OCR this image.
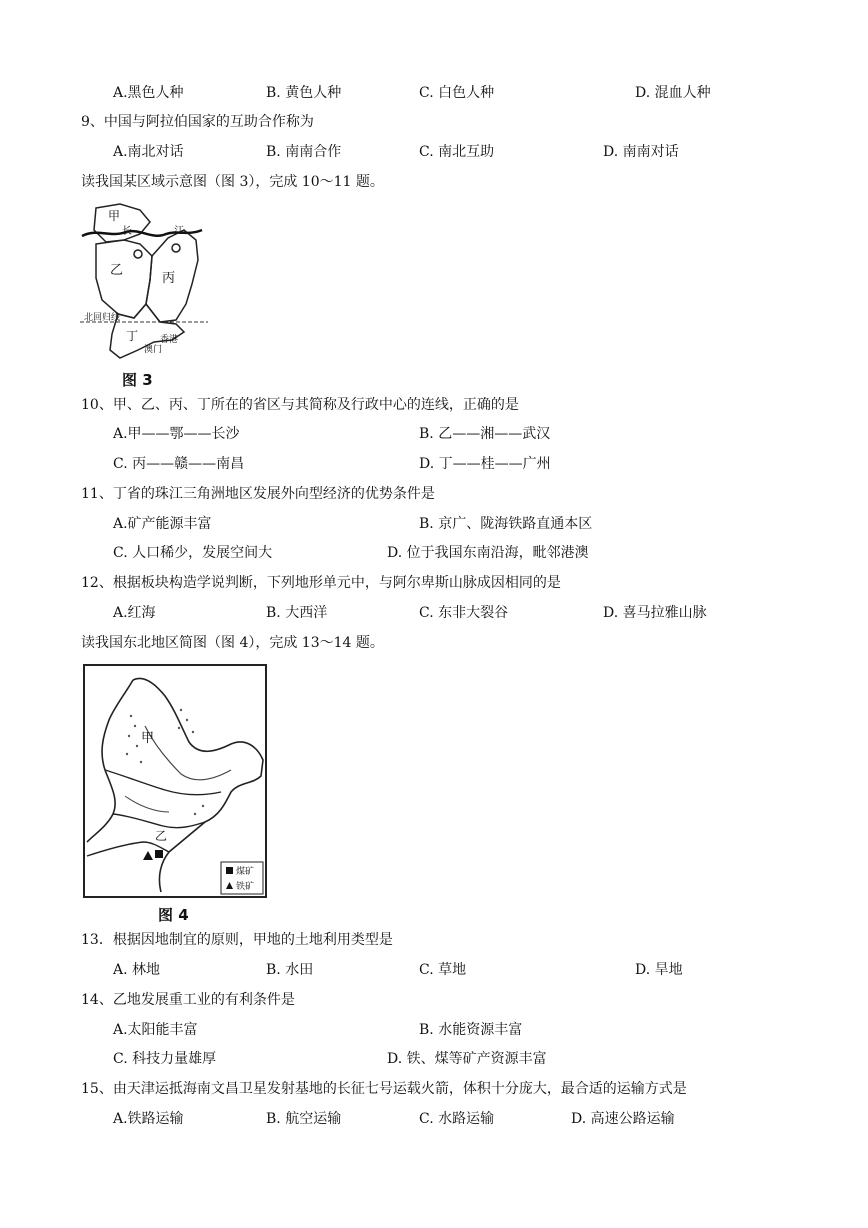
A.黑色人种	B. 黄色人种	C. 白色人种	D. 混血人种
9、中国与阿拉伯国家的互助合作称为
A.南北对话	B. 南南合作	C. 南北互助	D. 南南对话
读我国某区域示意图（图 3），完成 10～11 题。
甲
长	江
乙
丙
丁
北回归线
香港
澳门
图 3
10、甲、乙、丙、丁所在的省区与其简称及行政中心的连线，正确的是
A.甲——鄂——长沙	B. 乙——湘——武汉
C. 丙——赣——南昌	D. 丁——桂——广州
11、丁省的珠江三角洲地区发展外向型经济的优势条件是
A.矿产能源丰富	B. 京广、陇海铁路直通本区
C. 人口稀少，发展空间大	D. 位于我国东南沿海，毗邻港澳
12、根据板块构造学说判断，下列地形单元中，与阿尔卑斯山脉成因相同的是
A.红海	B. 大西洋	C. 东非大裂谷	D. 喜马拉雅山脉
读我国东北地区简图（图 4），完成 13～14 题。
甲
乙
煤矿
铁矿
图 4
13．根据因地制宜的原则，甲地的土地利用类型是
A. 林地	B. 水田	C. 草地	D. 旱地
14、乙地发展重工业的有利条件是
A.太阳能丰富	B. 水能资源丰富
C. 科技力量雄厚	D. 铁、煤等矿产资源丰富
15、由天津运抵海南文昌卫星发射基地的长征七号运载火箭，体积十分庞大，最合适的运输方式是
A.铁路运输	B. 航空运输	C. 水路运输	D. 高速公路运输
